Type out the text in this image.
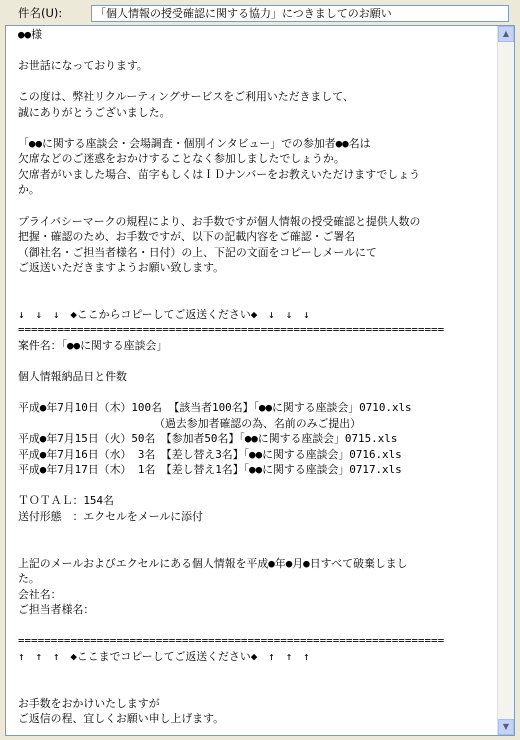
件名(U):	「個人情報の授受確認に関する協力」につきましてのお願い
●●様
お世話になっております。
この度は、弊社リクルーティングサービスをご利用いただきまして、
誠にありがとうございました。
「●●に関する座談会・会場調査・個別インタビュー」での参加者●●名は
欠席などのご迷惑をおかけすることなく参加しましたでしょうか。
欠席者がいました場合、苗字もしくはＩＤナンバーをお教えいただけますでしょう
か。
プライバシーマークの規程により、お手数ですが個人情報の授受確認と提供人数の
把握・確認のため、お手数ですが、以下の記載内容をご確認・ご署名
（御社名・ご担当者様名・日付）の上、下記の文面をコピーしメールにて
ご返送いただきますようお願い致します。
↓　↓　↓　◆ここからコピーしてご返送ください◆　↓　↓　↓
=================================================================
案件名：「●●に関する座談会」
個人情報納品日と件数
平成●年7月10日（木）100名 【該当者100名】「●●に関する座談会」0710.xls
　　　　　　　　　　　　　（過去参加者確認の為、名前のみご提出）
平成●年7月15日（火）50名　【参加者50名】「●●に関する座談会」0715.xls
平成●年7月16日（水） 3名　【差し替え3名】「●●に関する座談会」0716.xls
平成●年7月17日（木） 1名　【差し替え1名】「●●に関する座談会」0717.xls
ＴＯＴＡＬ：154名
送付形態　：エクセルをメールに添付
上記のメールおよびエクセルにある個人情報を平成●年●月●日すべて破棄しまし
た。
会社名：
ご担当者様名：
=================================================================
↑　↑　↑　◆ここまでコピーしてご返送ください◆　↑　↑　↑
お手数をおかけいたしますが
ご返信の程、宜しくお願い申し上げます。
▲
▼
